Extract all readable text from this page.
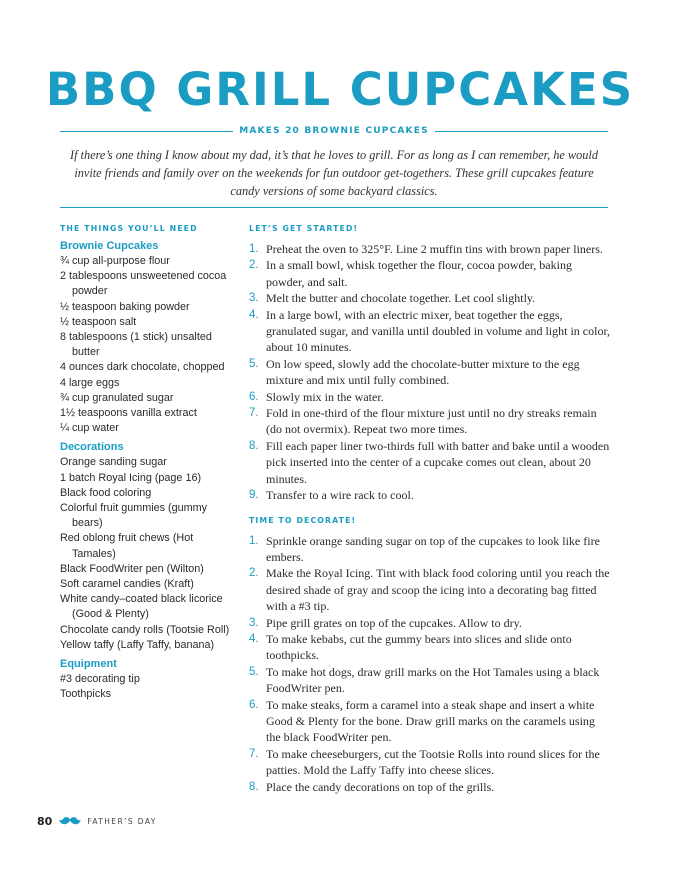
BBQ GRILL CUPCAKES
MAKES 20 BROWNIE CUPCAKES

If there’s one thing I know about my dad, it’s that he loves to grill. For as long as I can remember, he would invite friends and family over on the weekends for fun outdoor get-togethers. These grill cupcakes feature candy versions of some backyard classics.

THE THINGS YOU’LL NEED
Brownie Cupcakes
¾ cup all-purpose flour
2 tablespoons unsweetened cocoa powder
½ teaspoon baking powder
½ teaspoon salt
8 tablespoons (1 stick) unsalted butter
4 ounces dark chocolate, chopped
4 large eggs
¾ cup granulated sugar
1½ teaspoons vanilla extract
¼ cup water
Decorations
Orange sanding sugar
1 batch Royal Icing (page 16)
Black food coloring
Colorful fruit gummies (gummy bears)
Red oblong fruit chews (Hot Tamales)
Black FoodWriter pen (Wilton)
Soft caramel candies (Kraft)
White candy–coated black licorice (Good & Plenty)
Chocolate candy rolls (Tootsie Roll)
Yellow taffy (Laffy Taffy, banana)
Equipment
#3 decorating tip
Toothpicks
LET’S GET STARTED!
1. Preheat the oven to 325°F. Line 2 muffin tins with brown paper liners.
2. In a small bowl, whisk together the flour, cocoa powder, baking powder, and salt.
3. Melt the butter and chocolate together. Let cool slightly.
4. In a large bowl, with an electric mixer, beat together the eggs, granulated sugar, and vanilla until doubled in volume and light in color, about 10 minutes.
5. On low speed, slowly add the chocolate-butter mixture to the egg mixture and mix until fully combined.
6. Slowly mix in the water.
7. Fold in one-third of the flour mixture just until no dry streaks remain (do not overmix). Repeat two more times.
8. Fill each paper liner two-thirds full with batter and bake until a wooden pick inserted into the center of a cupcake comes out clean, about 20 minutes.
9. Transfer to a wire rack to cool.
TIME TO DECORATE!
1. Sprinkle orange sanding sugar on top of the cupcakes to look like fire embers.
2. Make the Royal Icing. Tint with black food coloring until you reach the desired shade of gray and scoop the icing into a decorating bag fitted with a #3 tip.
3. Pipe grill grates on top of the cupcakes. Allow to dry.
4. To make kebabs, cut the gummy bears into slices and slide onto toothpicks.
5. To make hot dogs, draw grill marks on the Hot Tamales using a black FoodWriter pen.
6. To make steaks, form a caramel into a steak shape and insert a white Good & Plenty for the bone. Draw grill marks on the caramels using the black FoodWriter pen.
7. To make cheeseburgers, cut the Tootsie Rolls into round slices for the patties. Mold the Laffy Taffy into cheese slices.
8. Place the candy decorations on top of the grills.
80	FATHER’S DAY
